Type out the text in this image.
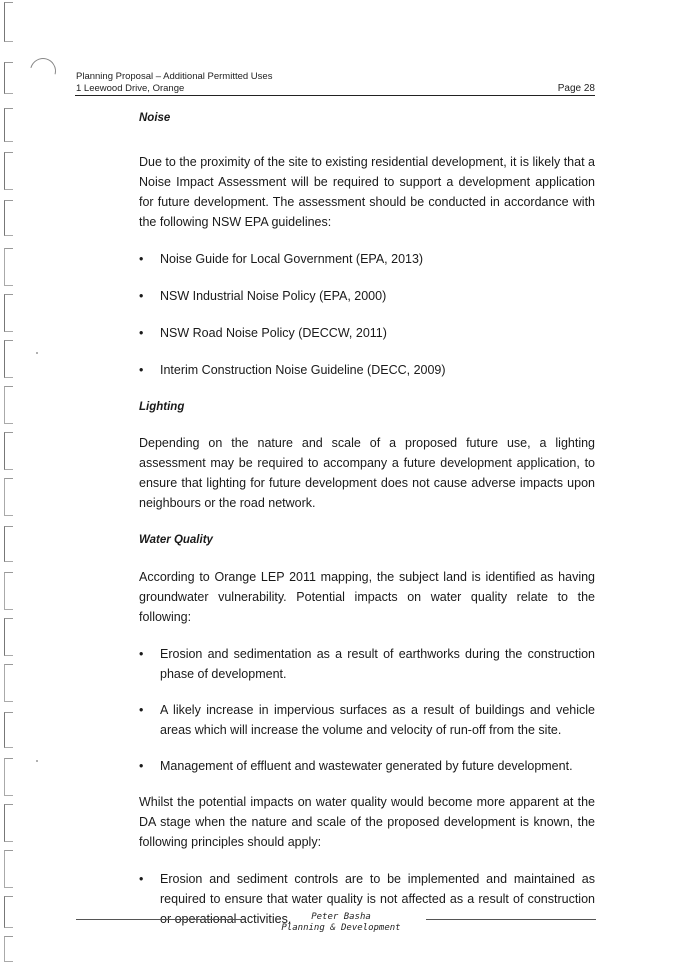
Planning Proposal – Additional Permitted Uses
1 Leewood Drive, Orange	Page 28

Noise

Due to the proximity of the site to existing residential development, it is likely that a Noise Impact Assessment will be required to support a development application for future development. The assessment should be conducted in accordance with the following NSW EPA guidelines:

• Noise Guide for Local Government (EPA, 2013)
• NSW Industrial Noise Policy (EPA, 2000)
• NSW Road Noise Policy (DECCW, 2011)
• Interim Construction Noise Guideline (DECC, 2009)

Lighting

Depending on the nature and scale of a proposed future use, a lighting assessment may be required to accompany a future development application, to ensure that lighting for future development does not cause adverse impacts upon neighbours or the road network.

Water Quality

According to Orange LEP 2011 mapping, the subject land is identified as having groundwater vulnerability. Potential impacts on water quality relate to the following:

• Erosion and sedimentation as a result of earthworks during the construction phase of development.
• A likely increase in impervious surfaces as a result of buildings and vehicle areas which will increase the volume and velocity of run-off from the site.
• Management of effluent and wastewater generated by future development.

Whilst the potential impacts on water quality would become more apparent at the DA stage when the nature and scale of the proposed development is known, the following principles should apply:

• Erosion and sediment controls are to be implemented and maintained as required to ensure that water quality is not affected as a result of construction or operational activities.	Peter Basha
Planning & Development
